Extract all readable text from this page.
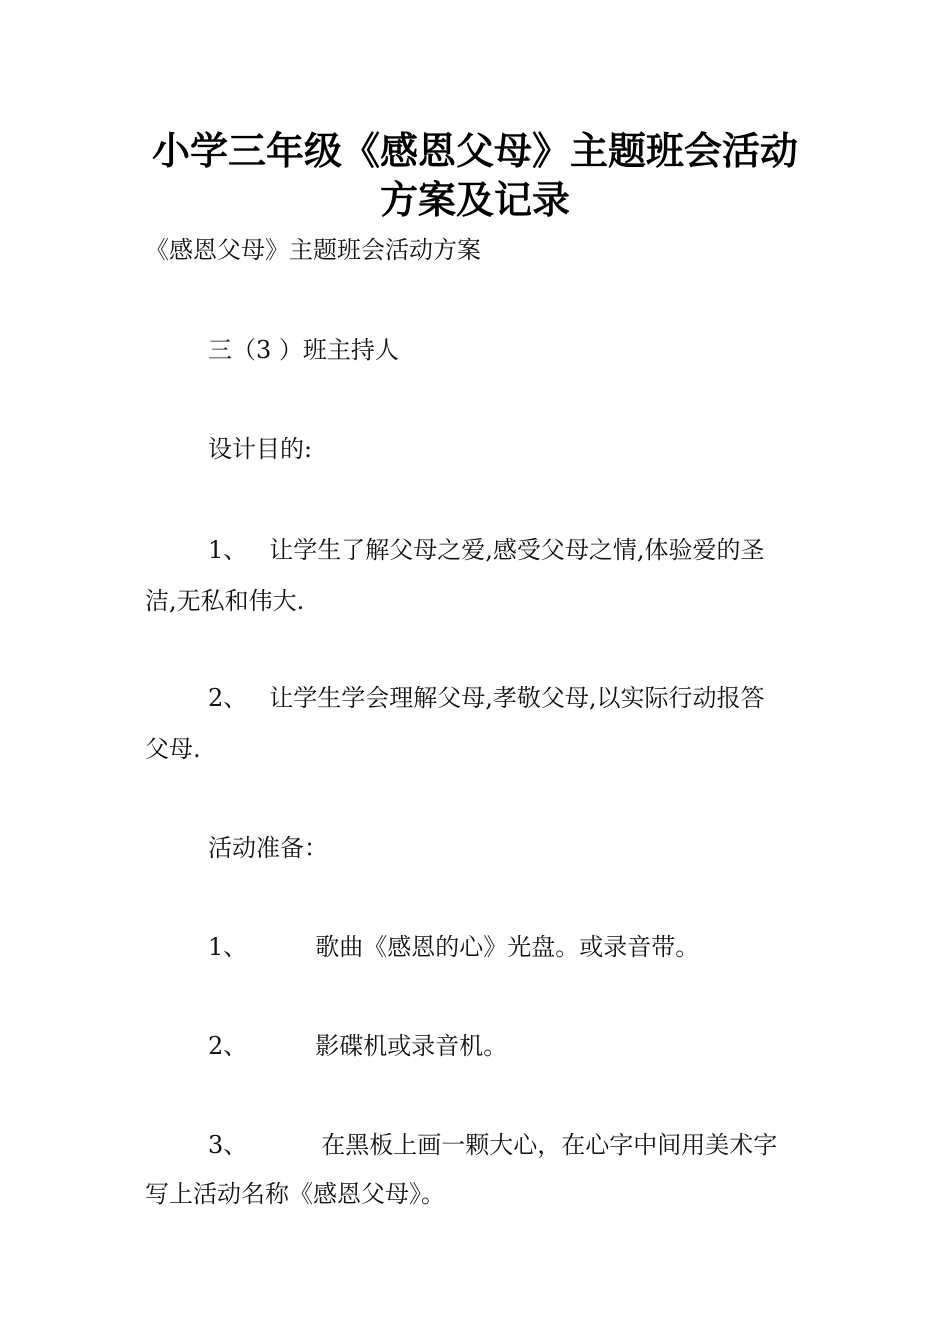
小学三年级《感恩父母》主题班会活动
方案及记录
《感恩父母》主题班会活动方案
三（3 ）班主持人
设计目的:
1、 让学生了解父母之爱,感受父母之情,体验爱的圣
洁,无私和伟大.
2、 让学生学会理解父母,孝敬父母,以实际行动报答
父母.
活动准备：
1、	歌曲《感恩的心》光盘。或录音带。
2、	影碟机或录音机。
3、	在黑板上画一颗大心，在心字中间用美术字
写上活动名称《感恩父母》。
